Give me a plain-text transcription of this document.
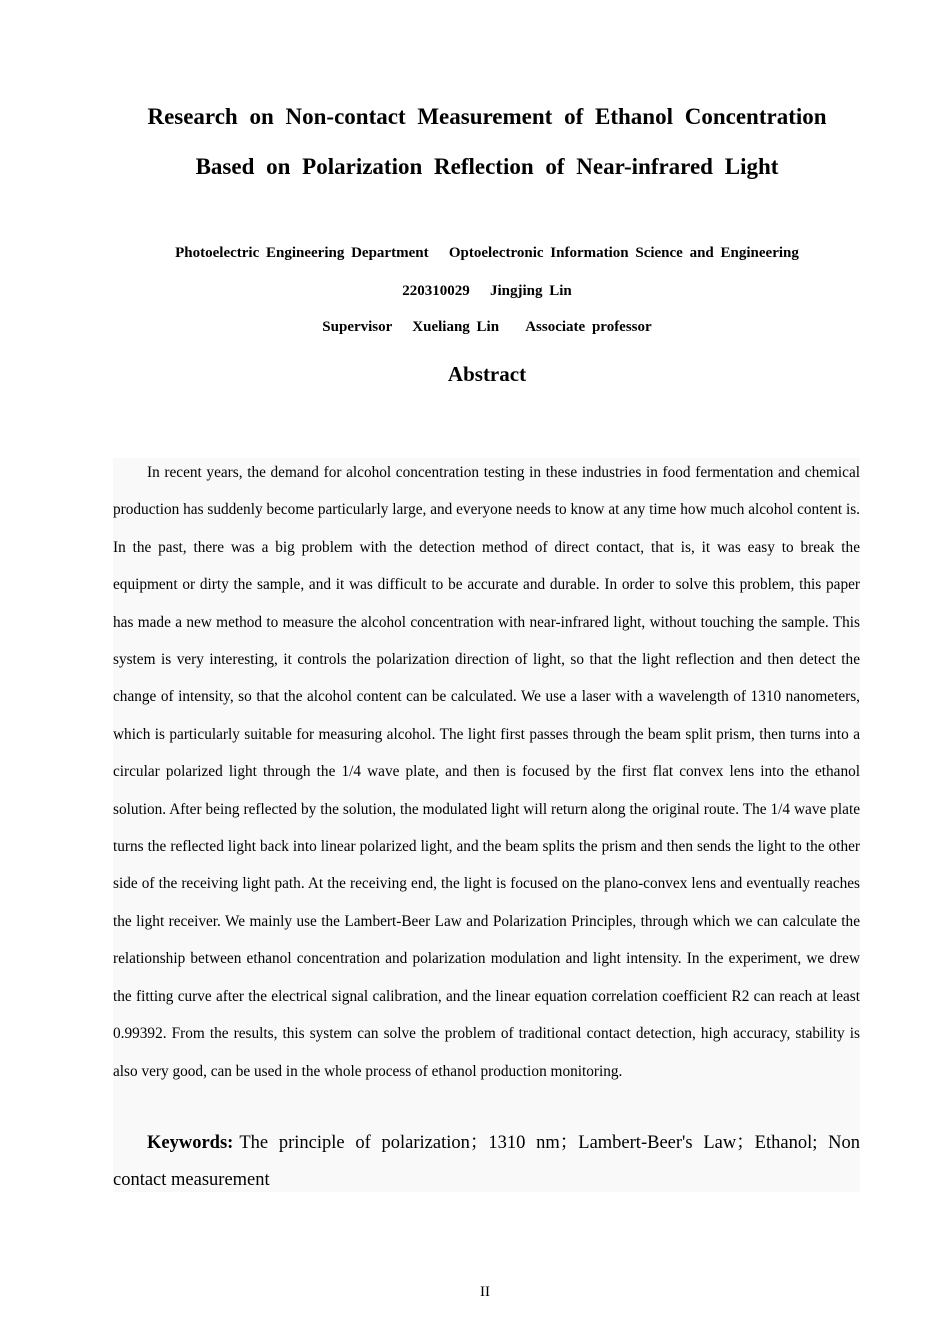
Research on Non-contact Measurement of Ethanol Concentration
Based on Polarization Reflection of Near-infrared Light
Photoelectric Engineering Department   Optoelectronic Information Science and Engineering
220310029   Jingjing Lin
Supervisor   Xueliang Lin    Associate professor
Abstract

In recent years, the demand for alcohol concentration testing in these industries in food fermentation and chemical production has suddenly become particularly large, and everyone needs to know at any time how much alcohol content is. In the past, there was a big problem with the detection method of direct contact, that is, it was easy to break the equipment or dirty the sample, and it was difficult to be accurate and durable. In order to solve this problem, this paper has made a new method to measure the alcohol concentration with near-infrared light, without touching the sample. This system is very interesting, it controls the polarization direction of light, so that the light reflection and then detect the change of intensity, so that the alcohol content can be calculated. We use a laser with a wavelength of 1310 nanometers, which is particularly suitable for measuring alcohol. The light first passes through the beam split prism, then turns into a circular polarized light through the 1/4 wave plate, and then is focused by the first flat convex lens into the ethanol solution. After being reflected by the solution, the modulated light will return along the original route. The 1/4 wave plate turns the reflected light back into linear polarized light, and the beam splits the prism and then sends the light to the other side of the receiving light path. At the receiving end, the light is focused on the plano-convex lens and eventually reaches the light receiver. We mainly use the Lambert-Beer Law and Polarization Principles, through which we can calculate the relationship between ethanol concentration and polarization modulation and light intensity. In the experiment, we drew the fitting curve after the electrical signal calibration, and the linear equation correlation coefficient R2 can reach at least 0.99392. From the results, this system can solve the problem of traditional contact detection, high accuracy, stability is also very good, can be used in the whole process of ethanol production monitoring.

Keywords: The principle of polarization；1310 nm；Lambert-Beer's Law；Ethanol; Non contact measurement

II
